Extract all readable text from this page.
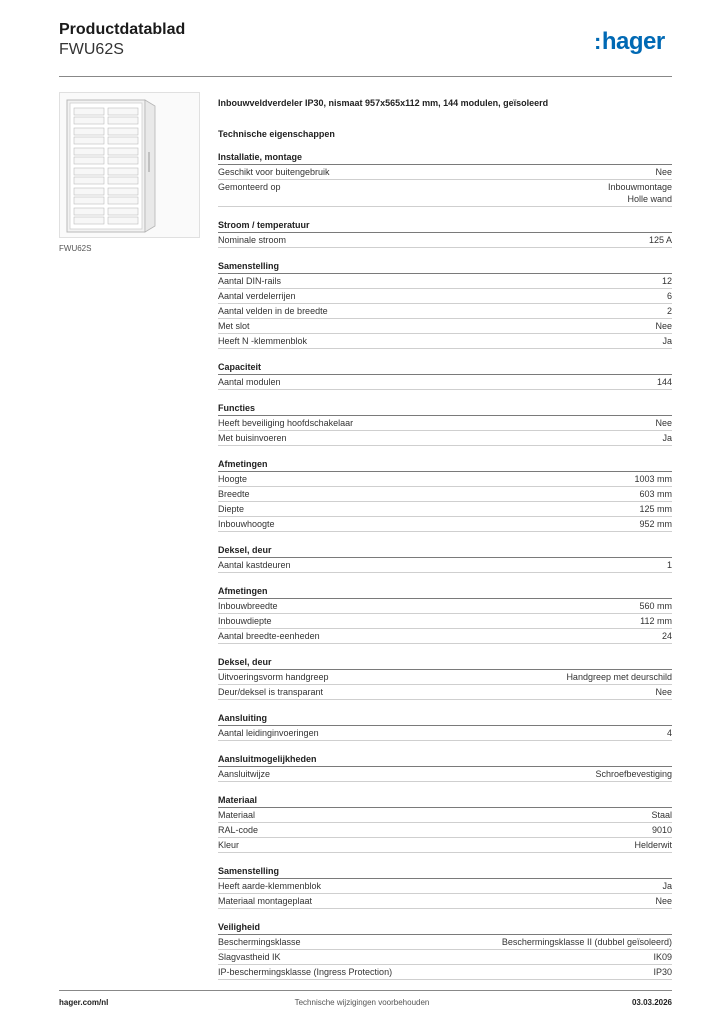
Productdatablad
FWU62S	:hager
FWU62S
Inbouwveldverdeler IP30, nismaat 957x565x112 mm, 144 modulen, geïsoleerd
Technische eigenschappen
Installatie, montage
Geschikt voor buitengebruik	Nee
Gemonteerd op	Inbouwmontage
Holle wand
Stroom / temperatuur
Nominale stroom	125 A
Samenstelling
Aantal DIN-rails	12
Aantal verdelerrijen	6
Aantal velden in de breedte	2
Met slot	Nee
Heeft N -klemmenblok	Ja
Capaciteit
Aantal modulen	144
Functies
Heeft beveiliging hoofdschakelaar	Nee
Met buisinvoeren	Ja
Afmetingen
Hoogte	1003 mm
Breedte	603 mm
Diepte	125 mm
Inbouwhoogte	952 mm
Deksel, deur
Aantal kastdeuren	1
Afmetingen
Inbouwbreedte	560 mm
Inbouwdiepte	112 mm
Aantal breedte-eenheden	24
Deksel, deur
Uitvoeringsvorm handgreep	Handgreep met deurschild
Deur/deksel is transparant	Nee
Aansluiting
Aantal leidinginvoeringen	4
Aansluitmogelijkheden
Aansluitwijze	Schroefbevestiging
Materiaal
Materiaal	Staal
RAL-code	9010
Kleur	Helderwit
Samenstelling
Heeft aarde-klemmenblok	Ja
Materiaal montageplaat	Nee
Veiligheid
Beschermingsklasse	Beschermingsklasse II (dubbel geïsoleerd)
Slagvastheid IK	IK09
IP-beschermingsklasse (Ingress Protection)	IP30
hager.com/nl	Technische wijzigingen voorbehouden	03.03.2026
